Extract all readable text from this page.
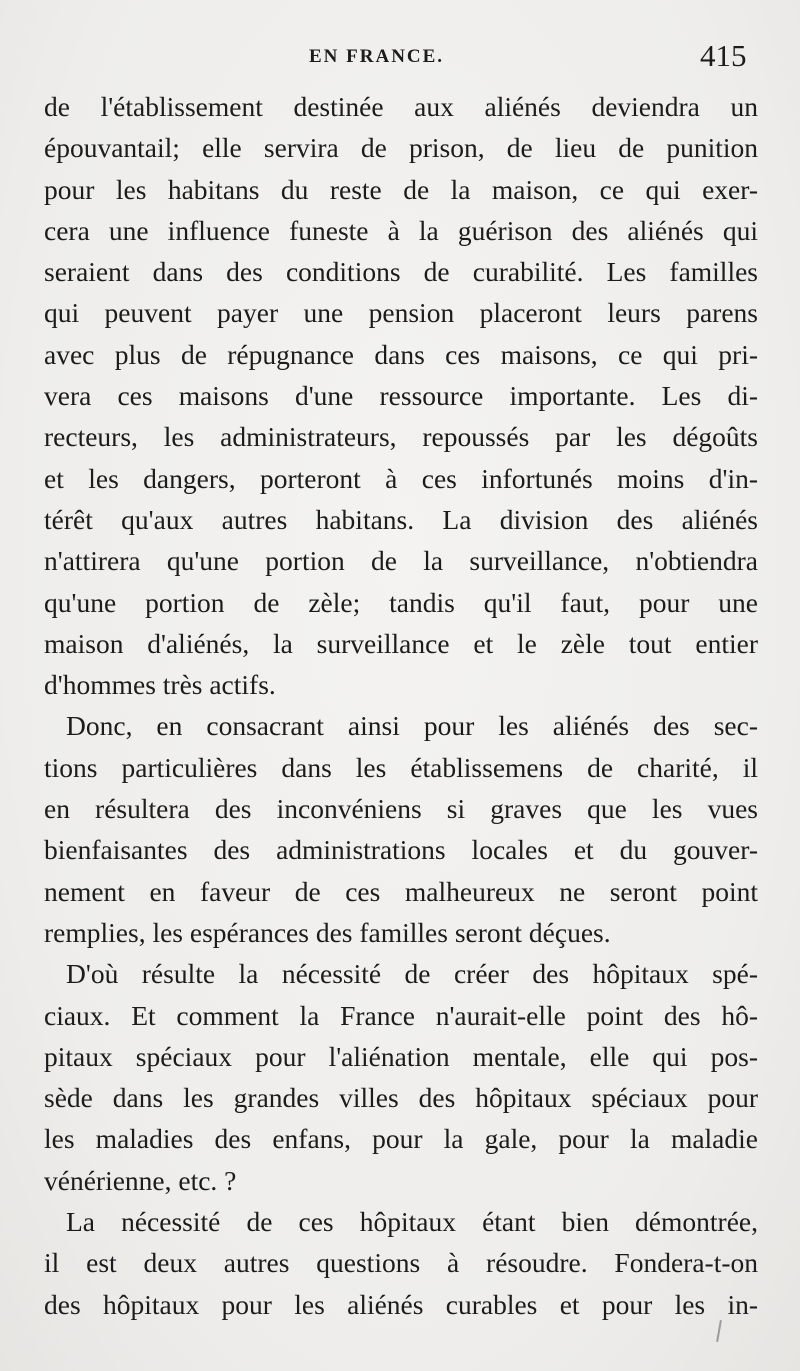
EN FRANCE.	415
de l'établissement destinée aux aliénés deviendra un
épouvantail; elle servira de prison, de lieu de punition
pour les habitans du reste de la maison, ce qui exer-
cera une influence funeste à la guérison des aliénés qui
seraient dans des conditions de curabilité. Les familles
qui peuvent payer une pension placeront leurs parens
avec plus de répugnance dans ces maisons, ce qui pri-
vera ces maisons d'une ressource importante. Les di-
recteurs, les administrateurs, repoussés par les dégoûts
et les dangers, porteront à ces infortunés moins d'in-
térêt qu'aux autres habitans. La division des aliénés
n'attirera qu'une portion de la surveillance, n'obtiendra
qu'une portion de zèle; tandis qu'il faut, pour une
maison d'aliénés, la surveillance et le zèle tout entier
d'hommes très actifs.
Donc, en consacrant ainsi pour les aliénés des sec-
tions particulières dans les établissemens de charité, il
en résultera des inconvéniens si graves que les vues
bienfaisantes des administrations locales et du gouver-
nement en faveur de ces malheureux ne seront point
remplies, les espérances des familles seront déçues.
D'où résulte la nécessité de créer des hôpitaux spé-
ciaux. Et comment la France n'aurait-elle point des hô-
pitaux spéciaux pour l'aliénation mentale, elle qui pos-
sède dans les grandes villes des hôpitaux spéciaux pour
les maladies des enfans, pour la gale, pour la maladie
vénérienne, etc. ?
La nécessité de ces hôpitaux étant bien démontrée,
il est deux autres questions à résoudre. Fondera-t-on
des hôpitaux pour les aliénés curables et pour les in-
